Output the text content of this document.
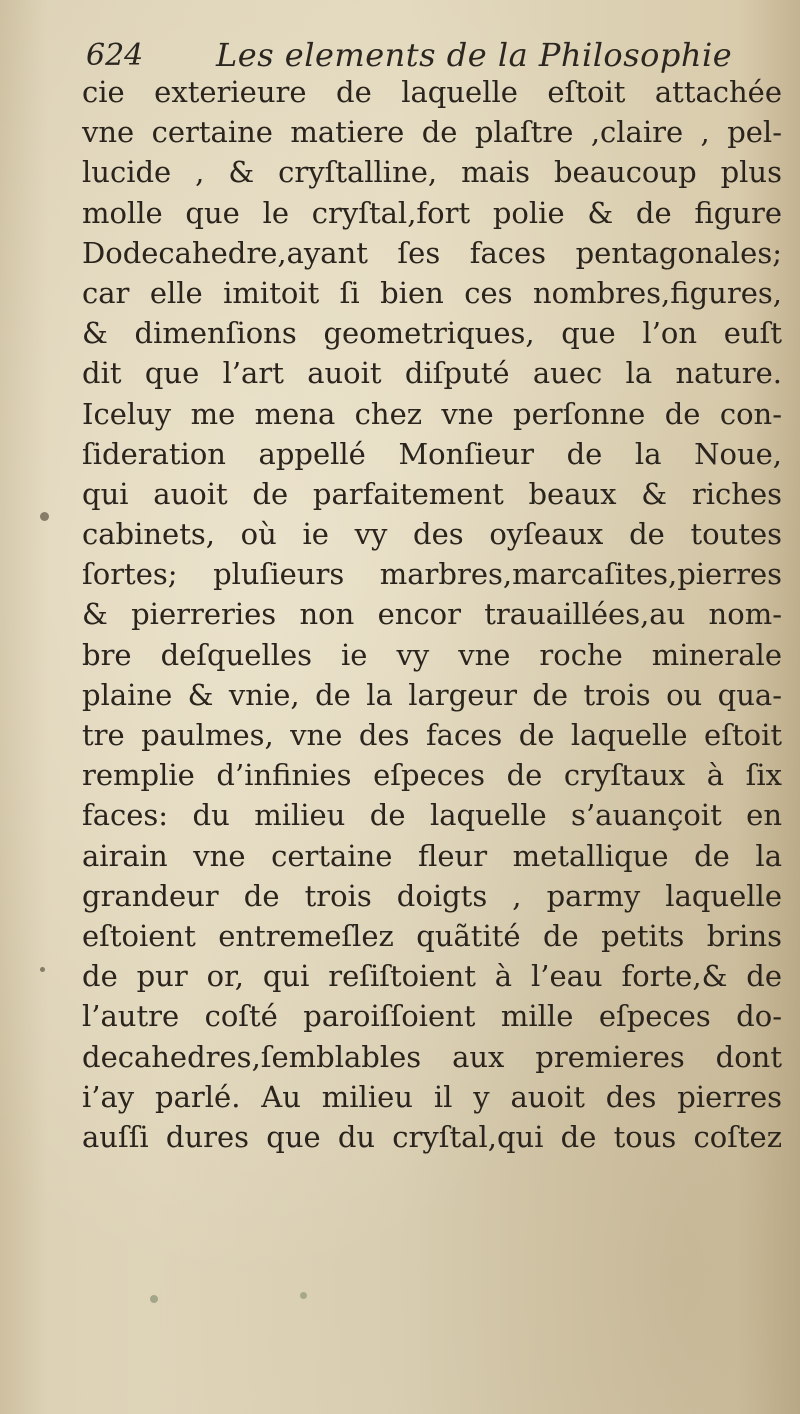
624 Les elements de la Philosophie
cie exterieure de laquelle eſtoit attachée
vne certaine matiere de plaſtre ,claire , pel-
lucide , & cryſtalline, mais beaucoup plus
molle que le cryſtal,fort polie & de figure
Dodecahedre,ayant ſes faces pentagonales;
car elle imitoit ſi bien ces nombres,figures,
& dimenſions geometriques, que l’on euſt
dit que l’art auoit diſputé auec la nature.
Iceluy me mena chez vne perſonne de con-
ſideration appellé Monſieur de la Noue,
qui auoit de parfaitement beaux & riches
cabinets, où ie vy des oyſeaux de toutes
ſortes; pluſieurs marbres,marcaſites,pierres
& pierreries non encor trauaillées,au nom-
bre deſquelles ie vy vne roche minerale
plaine & vnie, de la largeur de trois ou qua-
tre paulmes, vne des faces de laquelle eſtoit
remplie d’infinies eſpeces de cryſtaux à ſix
faces: du milieu de laquelle s’auançoit en
airain vne certaine fleur metallique de la
grandeur de trois doigts , parmy laquelle
eſtoient entremeſlez quãtité de petits brins
de pur or, qui reſiſtoient à l’eau forte,& de
l’autre coſté paroiſſoient mille eſpeces do-
decahedres,ſemblables aux premieres dont
i’ay parlé. Au milieu il y auoit des pierres
auſſi dures que du cryſtal,qui de tous coſtez
